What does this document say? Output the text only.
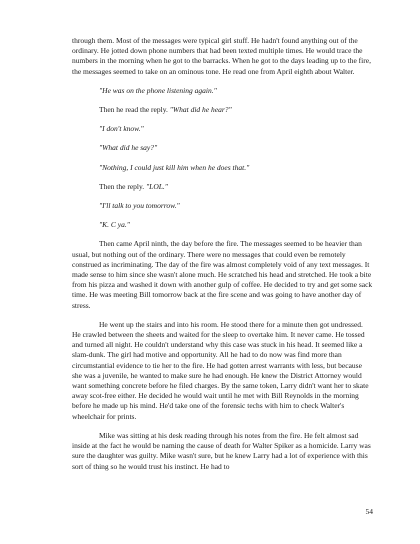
through them. Most of the messages were typical girl stuff. He hadn't found anything out of the ordinary. He jotted down phone numbers that had been texted multiple times. He would trace the numbers in the morning when he got to the barracks. When he got to the days leading up to the fire, the messages seemed to take on an ominous tone. He read one from April eighth about Walter.

"He was on the phone listening again."

Then he read the reply. "What did he hear?"

"I don't know."

"What did he say?"

"Nothing, I could just kill him when he does that."

Then the reply. "LOL."

"I'll talk to you tomorrow."

"K. C ya."

Then came April ninth, the day before the fire. The messages seemed to be heavier than usual, but nothing out of the ordinary. There were no messages that could even be remotely construed as incriminating. The day of the fire was almost completely void of any text messages. It made sense to him since she wasn't alone much. He scratched his head and stretched. He took a bite from his pizza and washed it down with another gulp of coffee. He decided to try and get some sack time. He was meeting Bill tomorrow back at the fire scene and was going to have another day of stress.

He went up the stairs and into his room. He stood there for a minute then got undressed. He crawled between the sheets and waited for the sleep to overtake him. It never came. He tossed and turned all night. He couldn't understand why this case was stuck in his head. It seemed like a slam-dunk. The girl had motive and opportunity. All he had to do now was find more than circumstantial evidence to tie her to the fire. He had gotten arrest warrants with less, but because she was a juvenile, he wanted to make sure he had enough. He knew the District Attorney would want something concrete before he filed charges. By the same token, Larry didn't want her to skate away scot-free either. He decided he would wait until he met with Bill Reynolds in the morning before he made up his mind. He'd take one of the forensic techs with him to check Walter's wheelchair for prints.

Mike was sitting at his desk reading through his notes from the fire. He felt almost sad inside at the fact he would be naming the cause of death for Walter Spiker as a homicide. Larry was sure the daughter was guilty. Mike wasn't sure, but he knew Larry had a lot of experience with this sort of thing so he would trust his instinct. He had to

54
